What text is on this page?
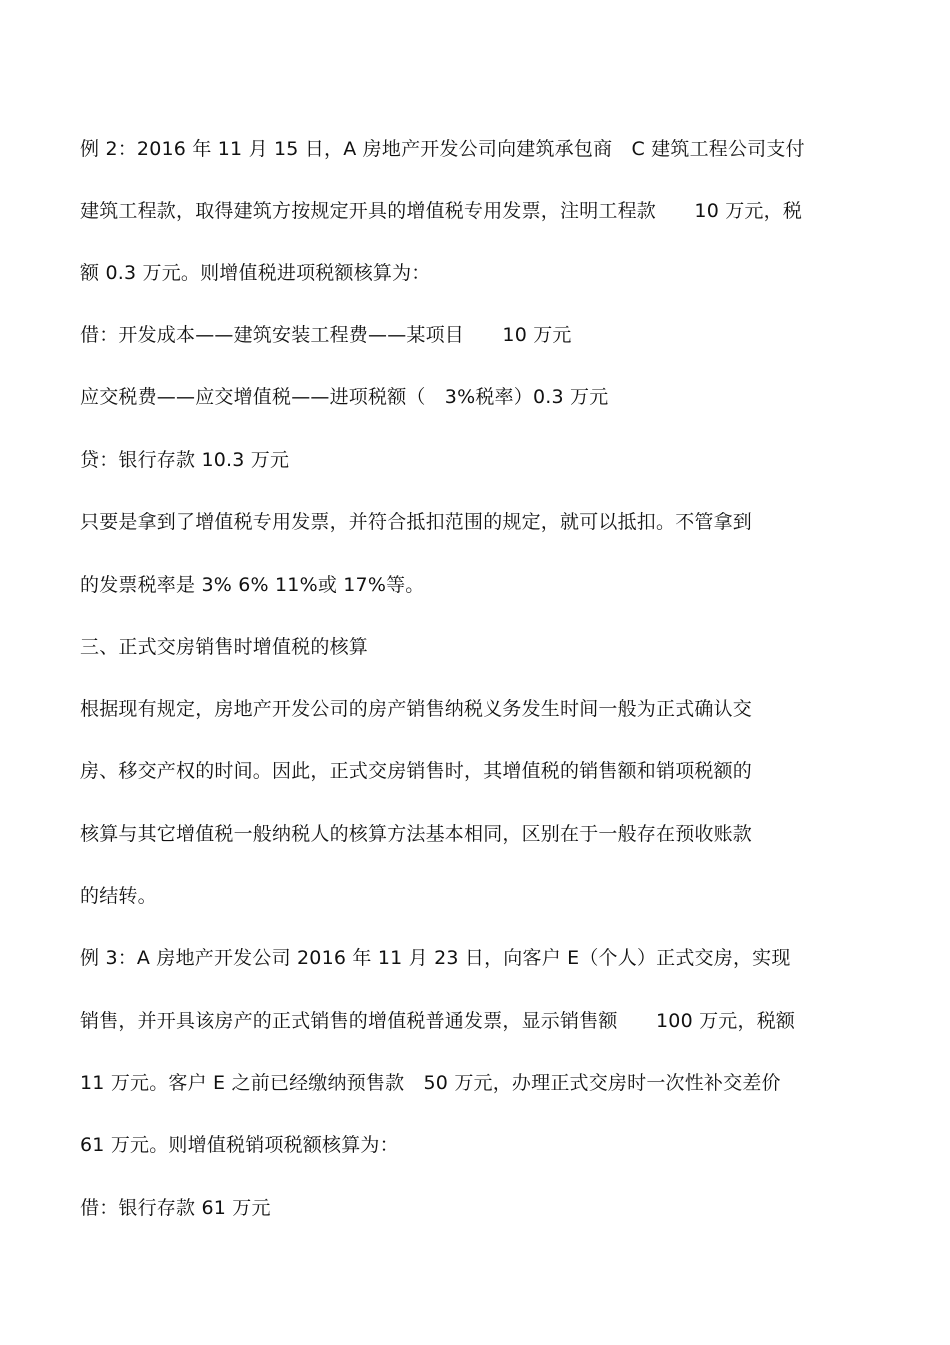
例 2：2016 年 11 月 15 日，A 房地产开发公司向建筑承包商　C 建筑工程公司支付
建筑工程款，取得建筑方按规定开具的增值税专用发票，注明工程款　　10 万元，税
额 0.3 万元。则增值税进项税额核算为：
借：开发成本——建筑安装工程费——某项目　　10 万元
应交税费——应交增值税——进项税额（　3%税率）0.3 万元
贷：银行存款 10.3 万元
只要是拿到了增值税专用发票，并符合抵扣范围的规定，就可以抵扣。不管拿到
的发票税率是 3% 6% 11%或 17%等。
三、正式交房销售时增值税的核算
根据现有规定，房地产开发公司的房产销售纳税义务发生时间一般为正式确认交
房、移交产权的时间。因此，正式交房销售时，其增值税的销售额和销项税额的
核算与其它增值税一般纳税人的核算方法基本相同，区别在于一般存在预收账款
的结转。
例 3：A 房地产开发公司 2016 年 11 月 23 日，向客户 E（个人）正式交房，实现
销售，并开具该房产的正式销售的增值税普通发票，显示销售额　　100 万元，税额
11 万元。客户 E 之前已经缴纳预售款　50 万元，办理正式交房时一次性补交差价
61 万元。则增值税销项税额核算为：
借：银行存款 61 万元
